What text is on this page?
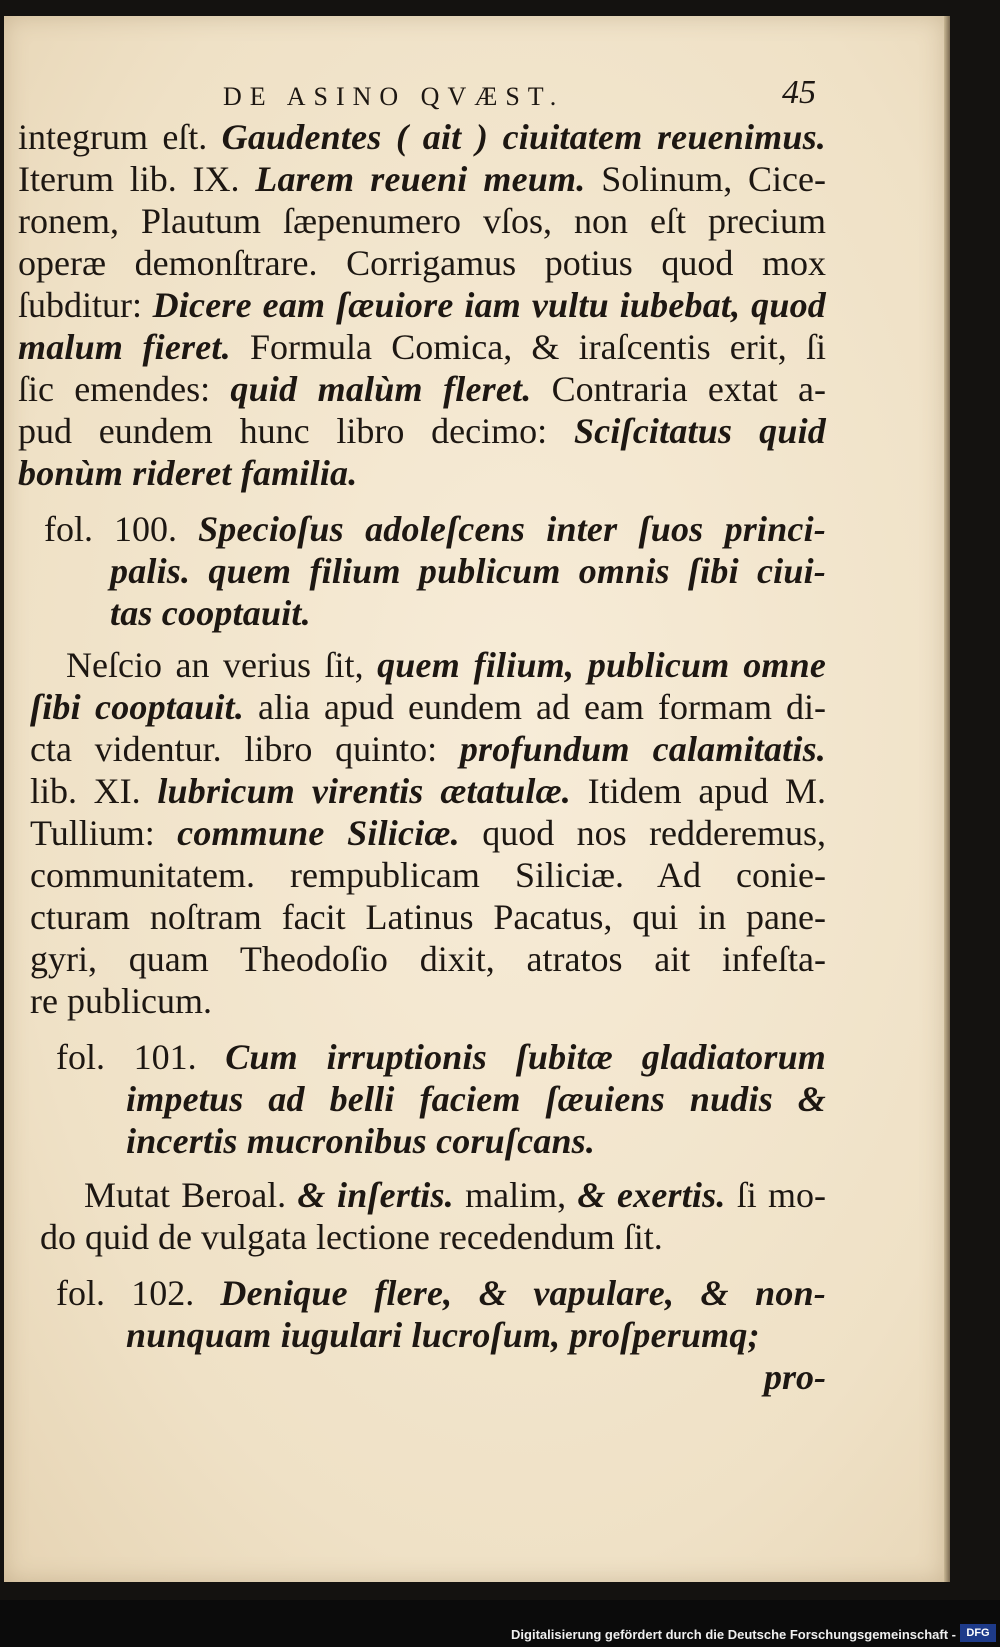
DE ASINO QVÆST.	45
integrum eſt. Gaudentes ( ait ) ciuitatem reuenimus.
Iterum lib. IX. Larem reueni meum. Solinum, Cice-
ronem, Plautum ſæpenumero vſos, non eſt precium
operæ demonſtrare. Corrigamus potius quod mox
ſubditur: Dicere eam ſæuiore iam vultu iubebat, quod
malum fieret. Formula Comica, & iraſcentis erit, ſi
ſic emendes: quid malùm fleret. Contraria extat a-
pud eundem hunc libro decimo: Sciſcitatus quid
bonùm rideret familia.
fol. 100. Specioſus adoleſcens inter ſuos princi-
palis. quem filium publicum omnis ſibi ciui-
tas cooptauit.
Neſcio an verius ſit, quem filium, publicum omne
ſibi cooptauit. alia apud eundem ad eam formam di-
cta videntur. libro quinto: profundum calamitatis.
lib. XI. lubricum virentis ætatulæ. Itidem apud M.
Tullium: commune Siliciæ. quod nos redderemus,
communitatem. rempublicam Siliciæ. Ad conie-
cturam noſtram facit Latinus Pacatus, qui in pane-
gyri, quam Theodoſio dixit, atratos ait infeſta-
re publicum.
fol. 101. Cum irruptionis ſubitæ gladiatorum
impetus ad belli faciem ſæuiens nudis &
incertis mucronibus coruſcans.
Mutat Beroal. & inſertis. malim, & exertis. ſi mo-
do quid de vulgata lectione recedendum ſit.
fol. 102. Denique flere, & vapulare, & non-
nunquam iugulari lucroſum, proſperumq;
pro-
Digitalisierung gefördert durch die Deutsche Forschungsgemeinschaft - DFG
